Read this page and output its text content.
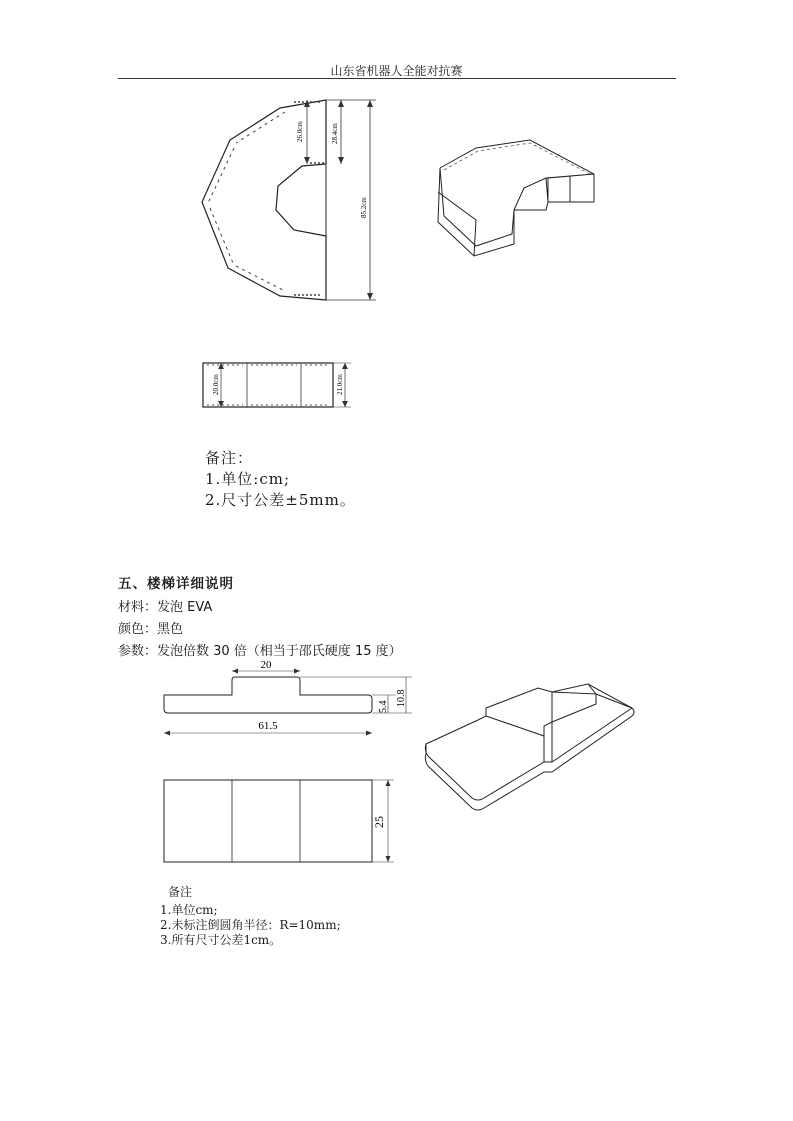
山东省机器人全能对抗赛
26.0cm	28.4cm
85.2cm
20.0cm	21.0cm
备注：
1.单位:cm;
2.尺寸公差±5mm。
五、楼梯详细说明
材料：发泡 EVA
颜色：黑色
参数：发泡倍数 30 倍（相当于邵氏硬度 15 度）
20
61.5
5.4 10.8
25
备注
1.单位cm;
2.未标注倒圆角半径：R=10mm;
3.所有尺寸公差1cm。
